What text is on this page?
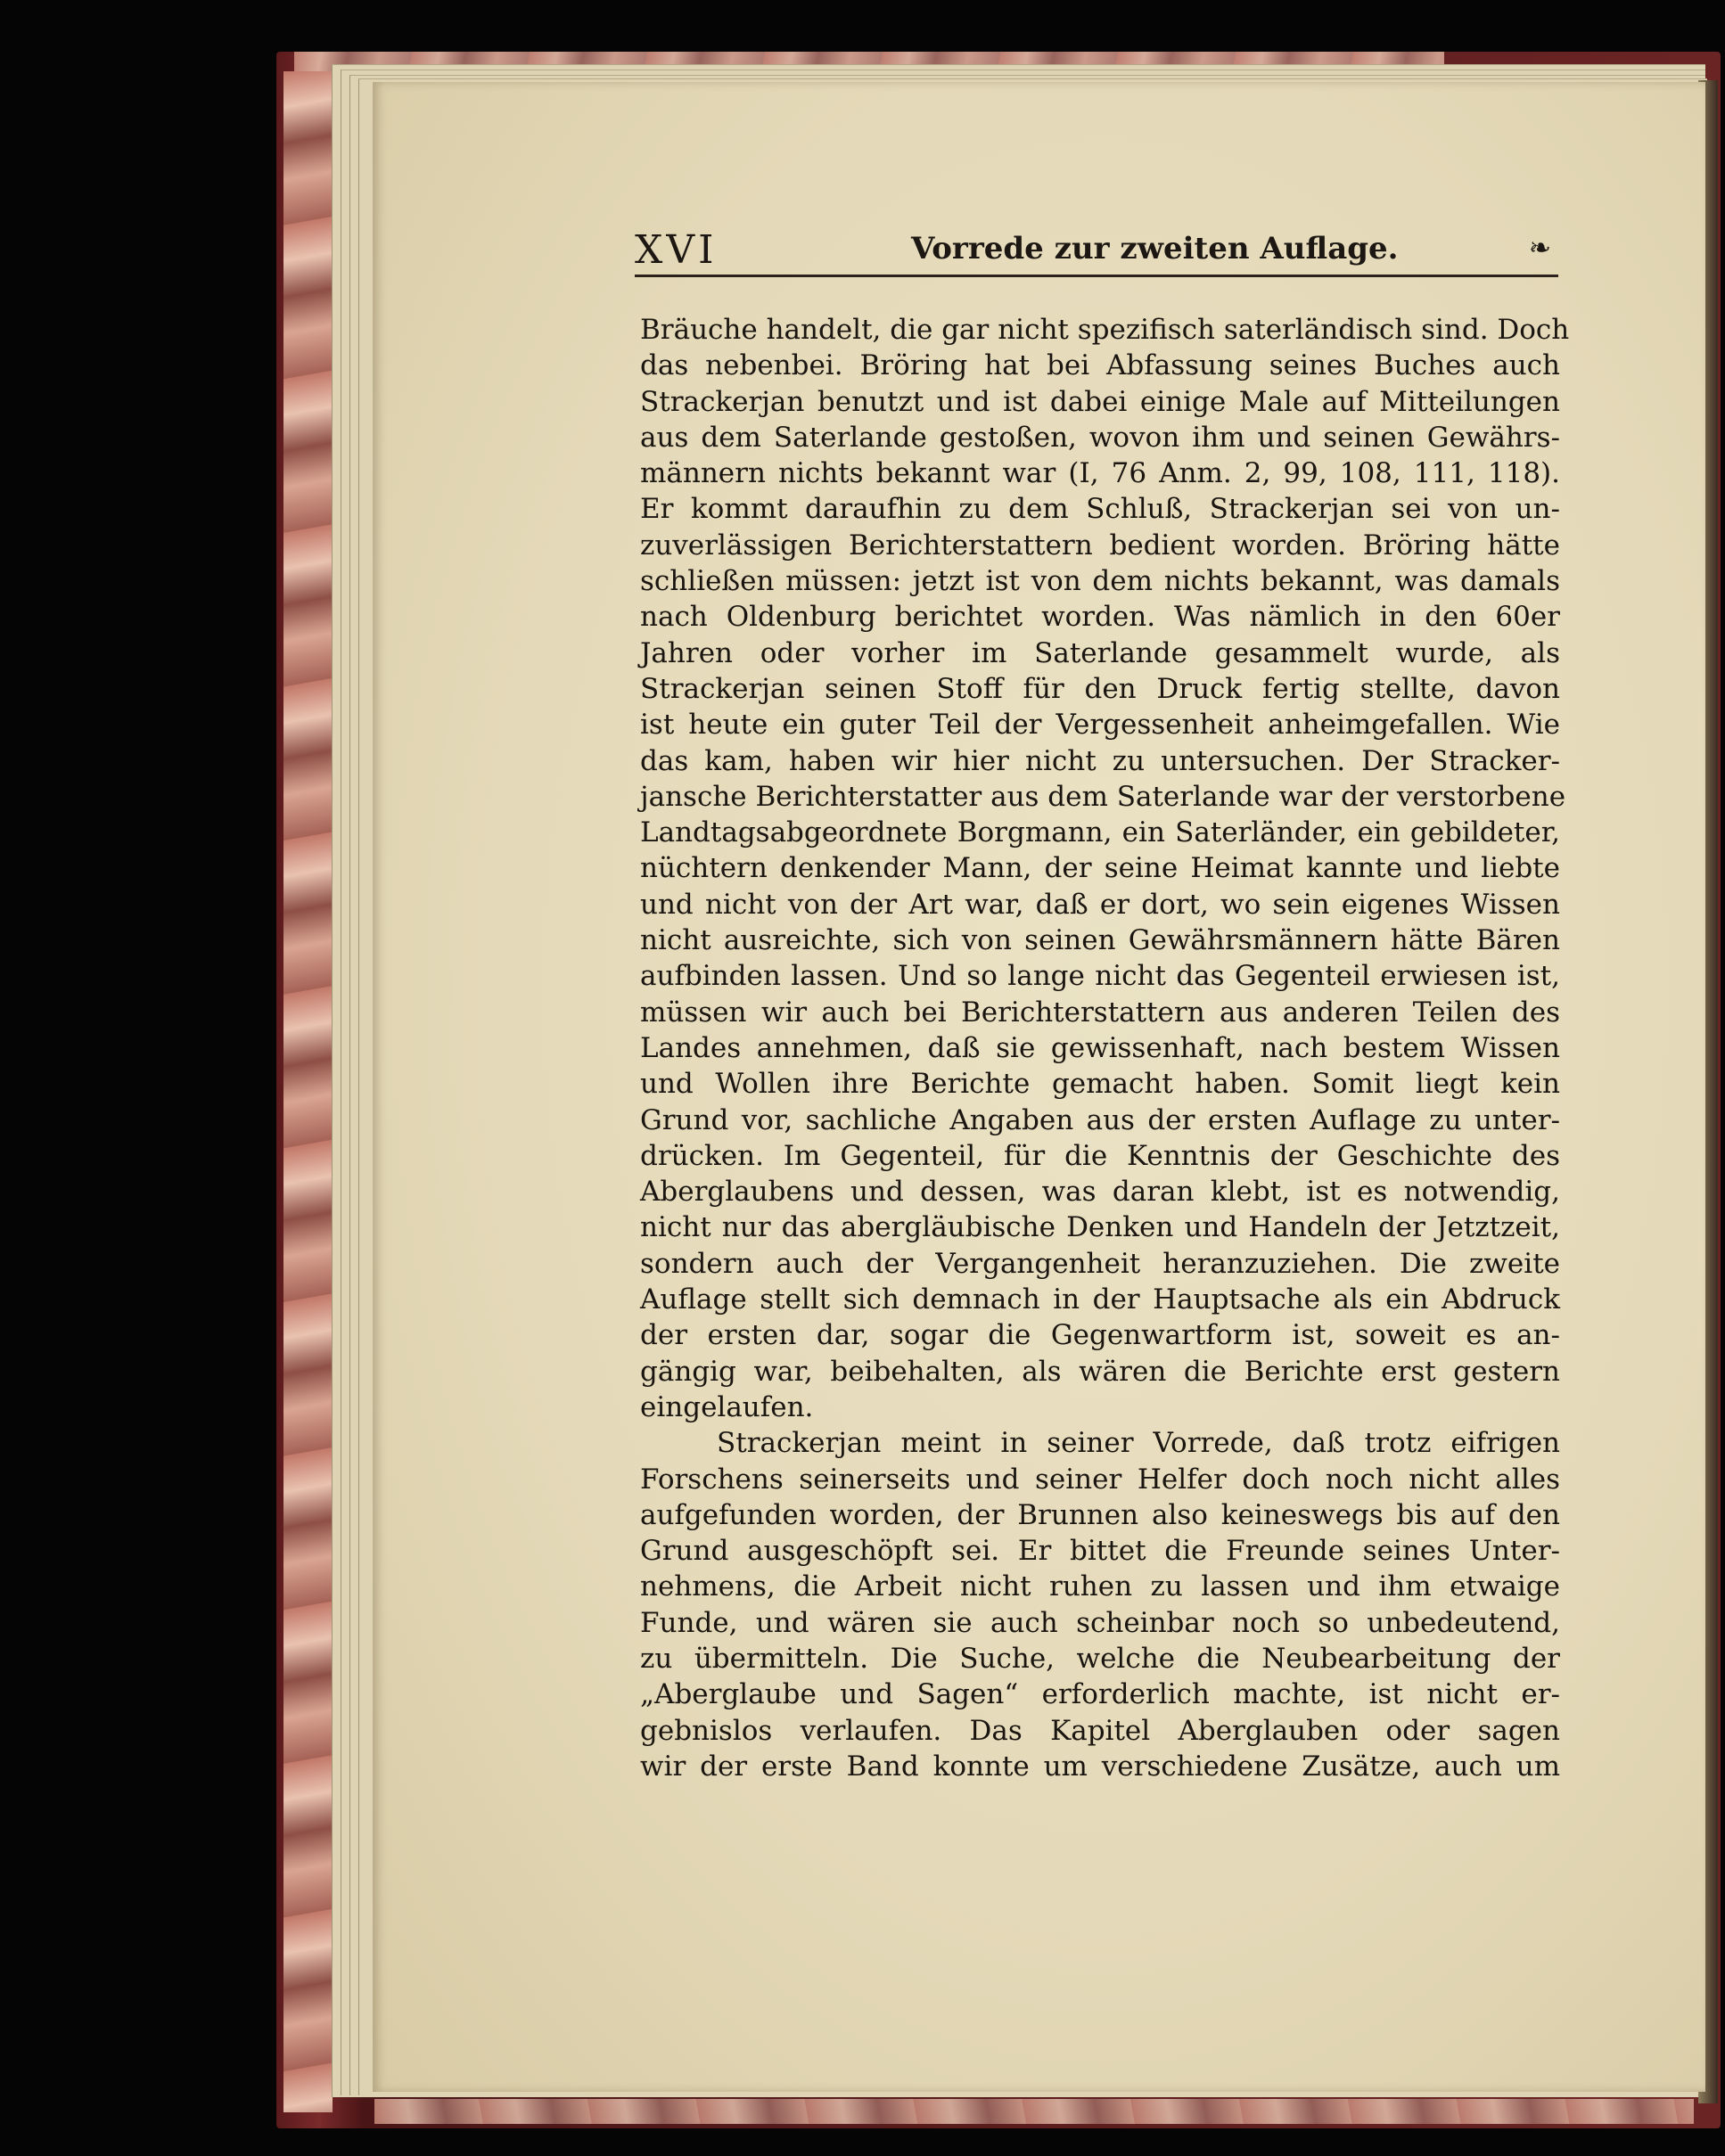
XVI	Vorrede zur zweiten Auflage.	❧
Bräuche handelt, die gar nicht spezifisch saterländisch sind. Doch
das nebenbei. Bröring hat bei Abfassung seines Buches auch
Strackerjan benutzt und ist dabei einige Male auf Mitteilungen
aus dem Saterlande gestoßen, wovon ihm und seinen Gewährs-
männern nichts bekannt war (I, 76 Anm. 2, 99, 108, 111, 118).
Er kommt daraufhin zu dem Schluß, Strackerjan sei von un-
zuverlässigen Berichterstattern bedient worden. Bröring hätte
schließen müssen: jetzt ist von dem nichts bekannt, was damals
nach Oldenburg berichtet worden. Was nämlich in den 60er
Jahren oder vorher im Saterlande gesammelt wurde, als
Strackerjan seinen Stoff für den Druck fertig stellte, davon
ist heute ein guter Teil der Vergessenheit anheimgefallen. Wie
das kam, haben wir hier nicht zu untersuchen. Der Stracker-
jansche Berichterstatter aus dem Saterlande war der verstorbene
Landtagsabgeordnete Borgmann, ein Saterländer, ein gebildeter,
nüchtern denkender Mann, der seine Heimat kannte und liebte
und nicht von der Art war, daß er dort, wo sein eigenes Wissen
nicht ausreichte, sich von seinen Gewährsmännern hätte Bären
aufbinden lassen. Und so lange nicht das Gegenteil erwiesen ist,
müssen wir auch bei Berichterstattern aus anderen Teilen des
Landes annehmen, daß sie gewissenhaft, nach bestem Wissen
und Wollen ihre Berichte gemacht haben. Somit liegt kein
Grund vor, sachliche Angaben aus der ersten Auflage zu unter-
drücken. Im Gegenteil, für die Kenntnis der Geschichte des
Aberglaubens und dessen, was daran klebt, ist es notwendig,
nicht nur das abergläubische Denken und Handeln der Jetztzeit,
sondern auch der Vergangenheit heranzuziehen. Die zweite
Auflage stellt sich demnach in der Hauptsache als ein Abdruck
der ersten dar, sogar die Gegenwartform ist, soweit es an-
gängig war, beibehalten, als wären die Berichte erst gestern
eingelaufen.
Strackerjan meint in seiner Vorrede, daß trotz eifrigen
Forschens seinerseits und seiner Helfer doch noch nicht alles
aufgefunden worden, der Brunnen also keineswegs bis auf den
Grund ausgeschöpft sei. Er bittet die Freunde seines Unter-
nehmens, die Arbeit nicht ruhen zu lassen und ihm etwaige
Funde, und wären sie auch scheinbar noch so unbedeutend,
zu übermitteln. Die Suche, welche die Neubearbeitung der
„Aberglaube und Sagen“ erforderlich machte, ist nicht er-
gebnislos verlaufen. Das Kapitel Aberglauben oder sagen
wir der erste Band konnte um verschiedene Zusätze, auch um
